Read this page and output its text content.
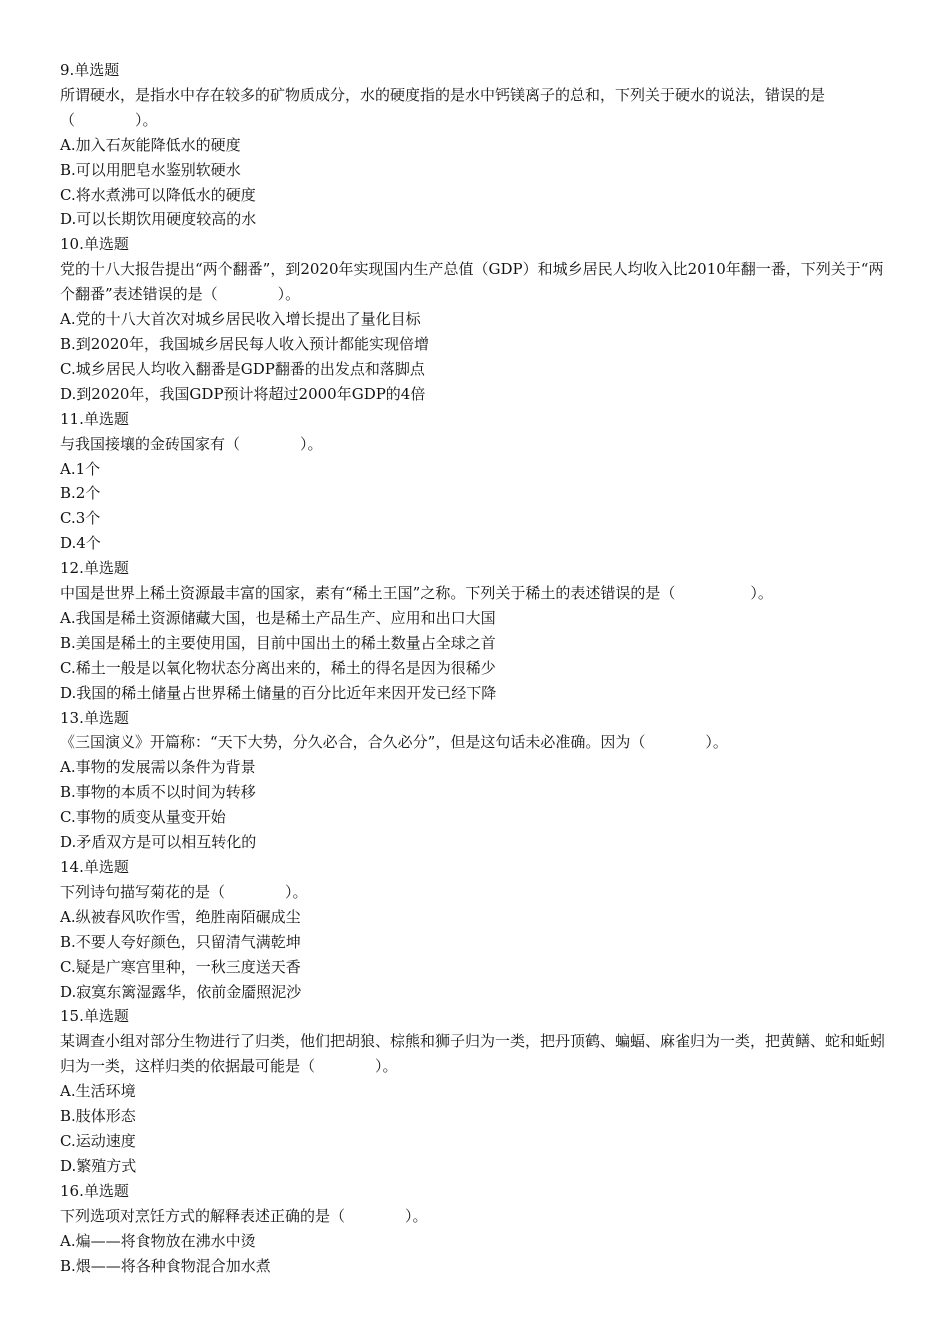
9.单选题

所谓硬水，是指水中存在较多的矿物质成分，水的硬度指的是水中钙镁离子的总和，下列关于硬水的说法，错误的是（　　　　）。

A.加入石灰能降低水的硬度

B.可以用肥皂水鉴别软硬水

C.将水煮沸可以降低水的硬度

D.可以长期饮用硬度较高的水

10.单选题

党的十八大报告提出“两个翻番”，到2020年实现国内生产总值（GDP）和城乡居民人均收入比2010年翻一番，下列关于“两个翻番”表述错误的是（　　　　）。

A.党的十八大首次对城乡居民收入增长提出了量化目标

B.到2020年，我国城乡居民每人收入预计都能实现倍增

C.城乡居民人均收入翻番是GDP翻番的出发点和落脚点

D.到2020年，我国GDP预计将超过2000年GDP的4倍

11.单选题

与我国接壤的金砖国家有（　　　　）。

A.1个

B.2个

C.3个

D.4个

12.单选题

中国是世界上稀土资源最丰富的国家，素有“稀土王国”之称。下列关于稀土的表述错误的是（　　　　　）。

A.我国是稀土资源储藏大国，也是稀土产品生产、应用和出口大国

B.美国是稀土的主要使用国，目前中国出土的稀土数量占全球之首

C.稀土一般是以氧化物状态分离出来的，稀土的得名是因为很稀少

D.我国的稀土储量占世界稀土储量的百分比近年来因开发已经下降

13.单选题

《三国演义》开篇称：“天下大势，分久必合，合久必分”，但是这句话未必准确。因为（　　　　）。

A.事物的发展需以条件为背景

B.事物的本质不以时间为转移

C.事物的质变从量变开始

D.矛盾双方是可以相互转化的

14.单选题

下列诗句描写菊花的是（　　　　）。

A.纵被春风吹作雪，绝胜南陌碾成尘

B.不要人夸好颜色，只留清气满乾坤

C.疑是广寒宫里种，一秋三度送天香

D.寂寞东篱湿露华，依前金靥照泥沙

15.单选题

某调查小组对部分生物进行了归类，他们把胡狼、棕熊和狮子归为一类，把丹顶鹤、蝙蝠、麻雀归为一类，把黄鳝、蛇和蚯蚓归为一类，这样归类的依据最可能是（　　　　）。

A.生活环境

B.肢体形态

C.运动速度

D.繁殖方式

16.单选题

下列选项对烹饪方式的解释表述正确的是（　　　　）。

A.煸——将食物放在沸水中烫

B.煨——将各种食物混合加水煮
